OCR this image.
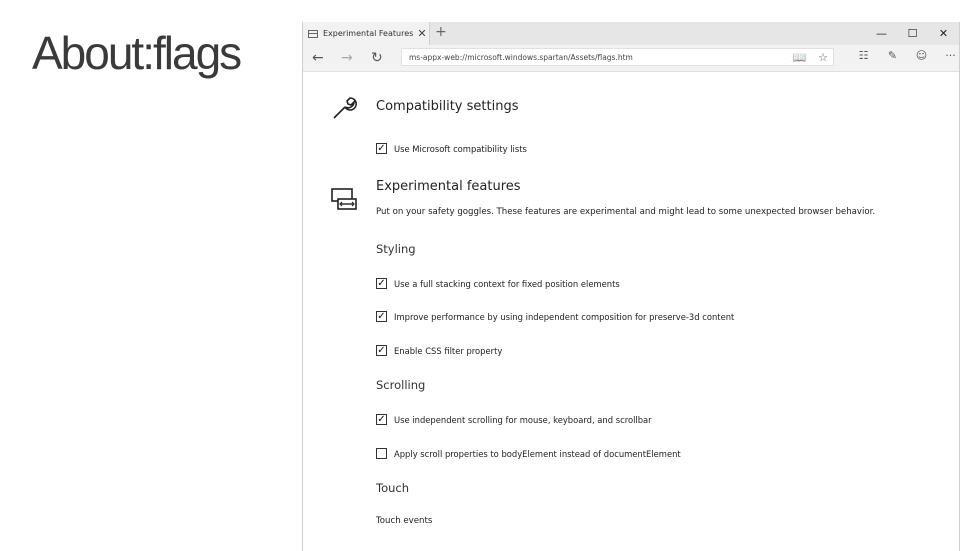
About:flags	Experimental Features ✕ +	—	☐	✕
← → ↻	ms-appx-web://microsoft.windows.spartan/Assets/flags.htm	📖 ☆	☷	✎	☺	···
Compatibility settings
✓ Use Microsoft compatibility lists
Experimental features
Put on your safety goggles. These features are experimental and might lead to some unexpected browser behavior.
Styling
✓ Use a full stacking context for fixed position elements
✓ Improve performance by using independent composition for preserve-3d content
✓ Enable CSS filter property
Scrolling
✓ Use independent scrolling for mouse, keyboard, and scrollbar
Apply scroll properties to bodyElement instead of documentElement
Touch
Touch events
